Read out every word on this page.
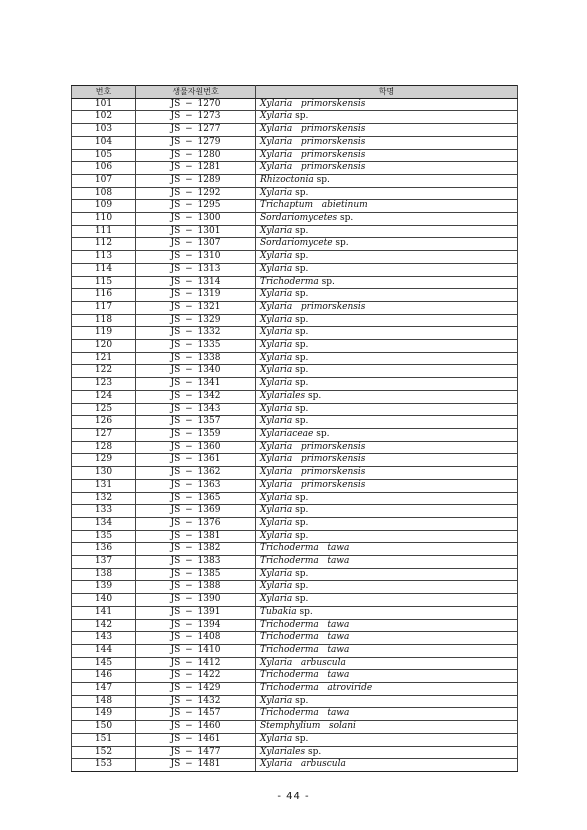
번호	생물자원번호	학명
101	JS − 1270	Xylaria primorskensis
102	JS − 1273	Xylaria sp.
103	JS − 1277	Xylaria primorskensis
104	JS − 1279	Xylaria primorskensis
105	JS − 1280	Xylaria primorskensis
106	JS − 1281	Xylaria primorskensis
107	JS − 1289	Rhizoctonia sp.
108	JS − 1292	Xylaria sp.
109	JS − 1295	Trichaptum abietinum
110	JS − 1300	Sordariomycetes sp.
111	JS − 1301	Xylaria sp.
112	JS − 1307	Sordariomycete sp.
113	JS − 1310	Xylaria sp.
114	JS − 1313	Xylaria sp.
115	JS − 1314	Trichoderma sp.
116	JS − 1319	Xylaria sp.
117	JS − 1321	Xylaria primorskensis
118	JS − 1329	Xylaria sp.
119	JS − 1332	Xylaria sp.
120	JS − 1335	Xylaria sp.
121	JS − 1338	Xylaria sp.
122	JS − 1340	Xylaria sp.
123	JS − 1341	Xylaria sp.
124	JS − 1342	Xylariales sp.
125	JS − 1343	Xylaria sp.
126	JS − 1357	Xylaria sp.
127	JS − 1359	Xylariaceae sp.
128	JS − 1360	Xylaria primorskensis
129	JS − 1361	Xylaria primorskensis
130	JS − 1362	Xylaria primorskensis
131	JS − 1363	Xylaria primorskensis
132	JS − 1365	Xylaria sp.
133	JS − 1369	Xylaria sp.
134	JS − 1376	Xylaria sp.
135	JS − 1381	Xylaria sp.
136	JS − 1382	Trichoderma tawa
137	JS − 1383	Trichoderma tawa
138	JS − 1385	Xylaria sp.
139	JS − 1388	Xylaria sp.
140	JS − 1390	Xylaria sp.
141	JS − 1391	Tubakia sp.
142	JS − 1394	Trichoderma tawa
143	JS − 1408	Trichoderma tawa
144	JS − 1410	Trichoderma tawa
145	JS − 1412	Xylaria arbuscula
146	JS − 1422	Trichoderma tawa
147	JS − 1429	Trichoderma atroviride
148	JS − 1432	Xylaria sp.
149	JS − 1457	Trichoderma tawa
150	JS − 1460	Stemphylium solani
151	JS − 1461	Xylaria sp.
152	JS − 1477	Xylariales sp.
153	JS − 1481	Xylaria arbuscula
- 44 -
